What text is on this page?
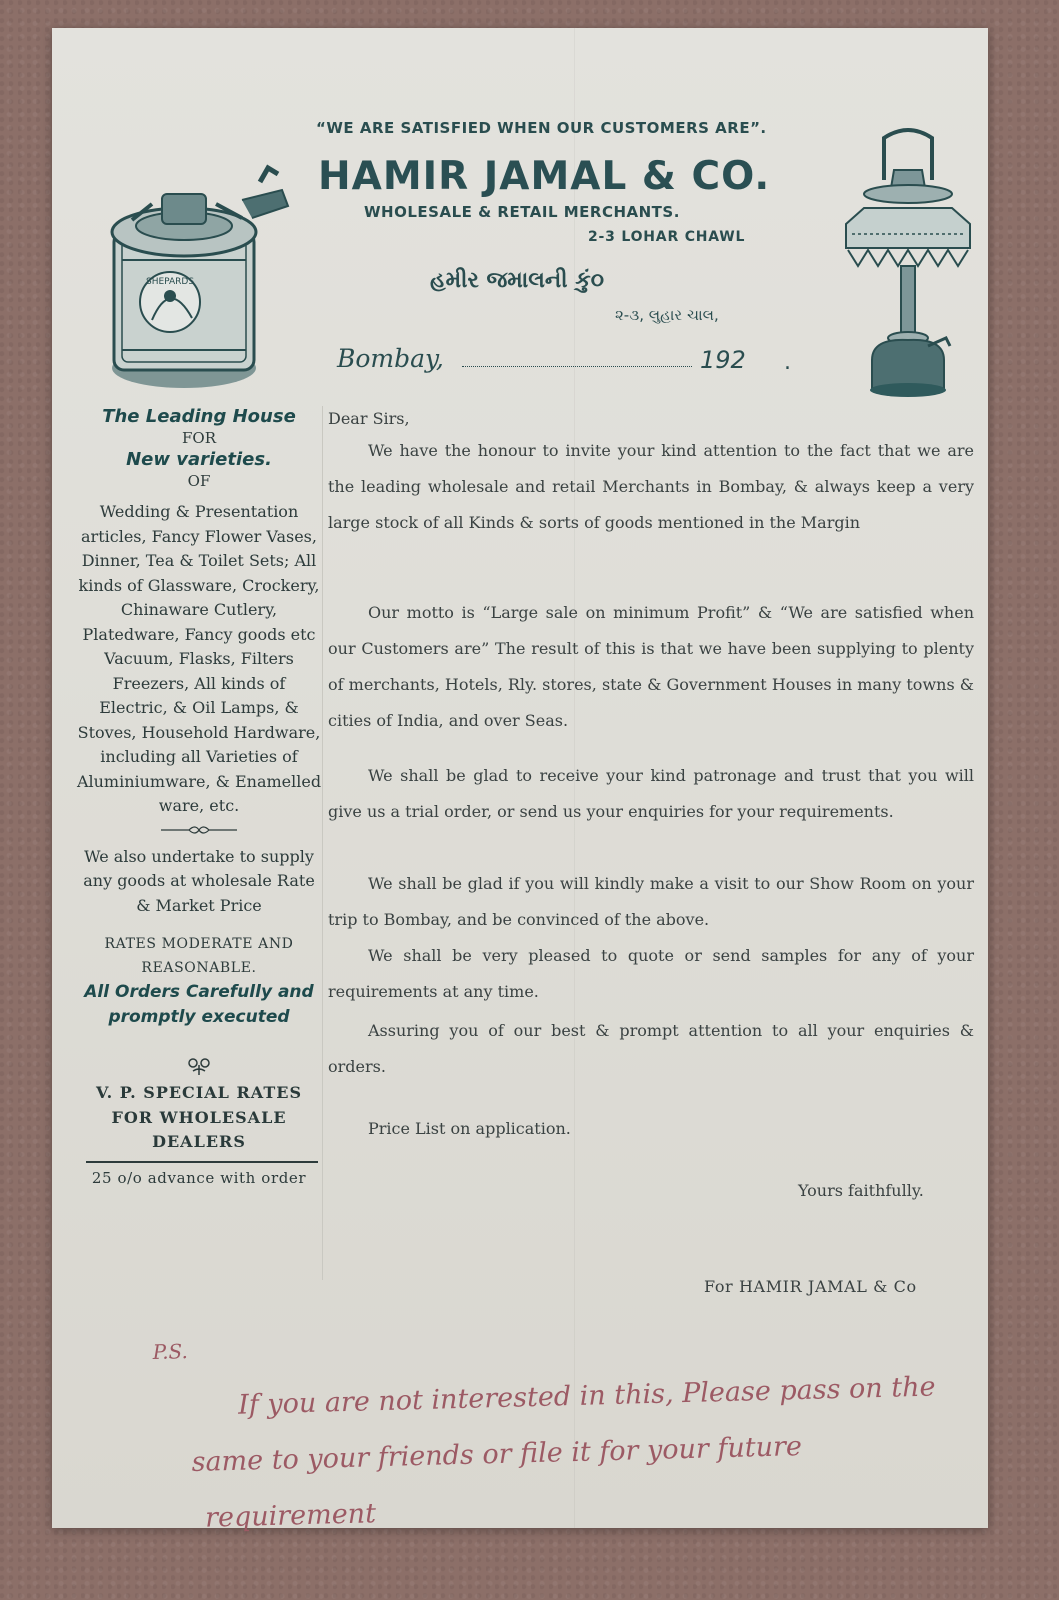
SHEPARDS
“WE ARE SATISFIED WHEN OUR CUSTOMERS ARE”.
HAMIR JAMAL & CO.
WHOLESALE & RETAIL MERCHANTS.
2-3 LOHAR CHAWL
હમીર જમાલની કું૦
૨-૩, લુહાર ચાલ,
Bombay,	192 .
The Leading House
FOR
New varieties.
OF
Wedding & Presentation articles, Fancy Flower Vases, Dinner, Tea & Toilet Sets; All kinds of Glassware, Crockery, Chinaware Cutlery, Platedware, Fancy goods etc Vacuum, Flasks, Filters Freezers, All kinds of Electric, & Oil Lamps, & Stoves, Household Hardware, including all Varieties of Aluminiumware, & Enamelled ware, etc.
We also undertake to supply any goods at wholesale Rate & Market Price
RATES MODERATE AND REASONABLE.
All Orders Carefully and promptly executed
V. P. SPECIAL RATES FOR WHOLESALE DEALERS
25 o/o advance with order
Dear Sirs,
We have the honour to invite your kind attention to the fact that we are the leading wholesale and retail Merchants in Bombay, & always keep a very large stock of all Kinds & sorts of goods mentioned in the Margin
Our motto is “Large sale on minimum Profit” & “We are satisfied when our Customers are” The result of this is that we have been supplying to plenty of merchants, Hotels, Rly. stores, state & Government Houses in many towns & cities of India, and over Seas.
We shall be glad to receive your kind patronage and trust that you will give us a trial order, or send us your enquiries for your requirements.
We shall be glad if you will kindly make a visit to our Show Room on your trip to Bombay, and be convinced of the above.
We shall be very pleased to quote or send samples for any of your requirements at any time.
Assuring you of our best & prompt attention to all your enquiries & orders.
Price List on application.
Yours faithfully.
For HAMIR JAMAL & Co
P.S.
If you are not interested in this, Please pass on the
same to your friends or file it for your future
requirement
